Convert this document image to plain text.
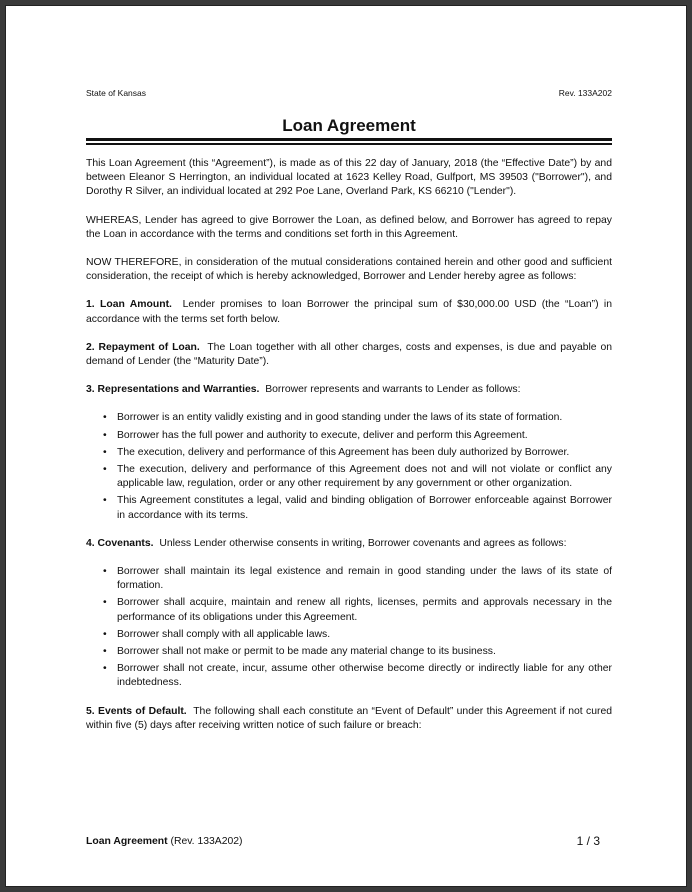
State of Kansas	Rev. 133A202
Loan Agreement

This Loan Agreement (this “Agreement”), is made as of this 22 day of January, 2018 (the “Effective Date”) by and between Eleanor S Herrington, an individual located at 1623 Kelley Road, Gulfport, MS 39503 ("Borrower"), and Dorothy R Silver, an individual located at 292 Poe Lane, Overland Park, KS 66210 ("Lender").

WHEREAS, Lender has agreed to give Borrower the Loan, as defined below, and Borrower has agreed to repay the Loan in accordance with the terms and conditions set forth in this Agreement.

NOW THEREFORE, in consideration of the mutual considerations contained herein and other good and sufficient consideration, the receipt of which is hereby acknowledged, Borrower and Lender hereby agree as follows:

1. Loan Amount. Lender promises to loan Borrower the principal sum of $30,000.00 USD (the “Loan”) in accordance with the terms set forth below.

2. Repayment of Loan. The Loan together with all other charges, costs and expenses, is due and payable on demand of Lender (the “Maturity Date”).

3. Representations and Warranties. Borrower represents and warrants to Lender as follows:

• Borrower is an entity validly existing and in good standing under the laws of its state of formation.
• Borrower has the full power and authority to execute, deliver and perform this Agreement.
• The execution, delivery and performance of this Agreement has been duly authorized by Borrower.
• The execution, delivery and performance of this Agreement does not and will not violate or conflict any applicable law, regulation, order or any other requirement by any government or other organization.
• This Agreement constitutes a legal, valid and binding obligation of Borrower enforceable against Borrower in accordance with its terms.

4. Covenants. Unless Lender otherwise consents in writing, Borrower covenants and agrees as follows:

• Borrower shall maintain its legal existence and remain in good standing under the laws of its state of formation.
• Borrower shall acquire, maintain and renew all rights, licenses, permits and approvals necessary in the performance of its obligations under this Agreement.
• Borrower shall comply with all applicable laws.
• Borrower shall not make or permit to be made any material change to its business.
• Borrower shall not create, incur, assume other otherwise become directly or indirectly liable for any other indebtedness.

5. Events of Default. The following shall each constitute an “Event of Default” under this Agreement if not cured within five (5) days after receiving written notice of such failure or breach:

Loan Agreement (Rev. 133A202)	1 / 3
